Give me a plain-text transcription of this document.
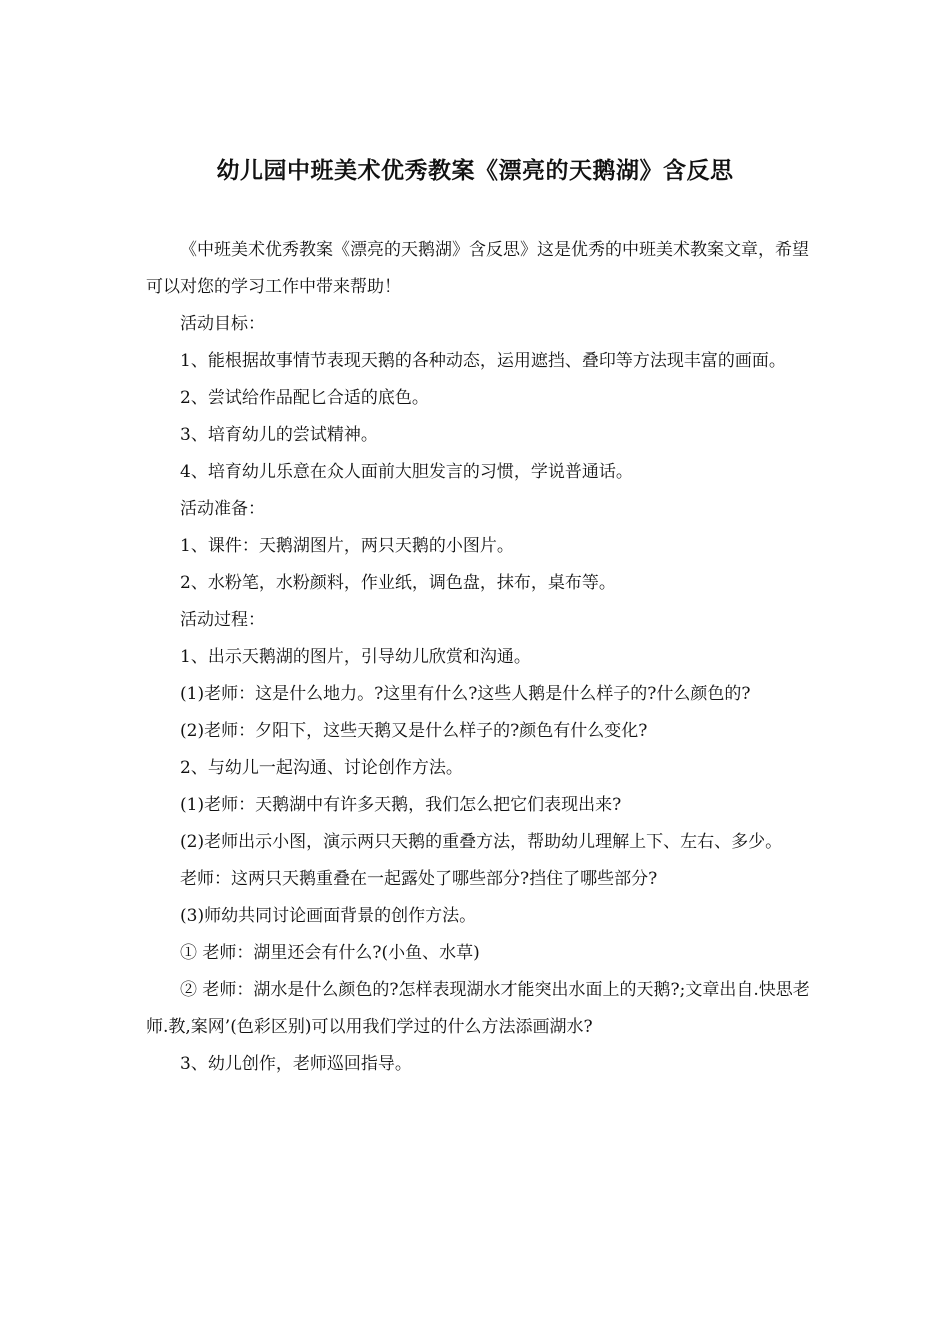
幼儿园中班美术优秀教案《漂亮的天鹅湖》含反思

《中班美术优秀教案《漂亮的天鹅湖》含反思》这是优秀的中班美术教案文章，希望可以对您的学习工作中带来帮助！

活动目标：

1、能根据故事情节表现天鹅的各种动态，运用遮挡、叠印等方法现丰富的画面。

2、尝试给作品配匕合适的底色。

3、培育幼儿的尝试精神。

4、培育幼儿乐意在众人面前大胆发言的习惯，学说普通话。

活动准备：

1、课件：天鹅湖图片，两只天鹅的小图片。

2、水粉笔，水粉颜料，作业纸，调色盘，抹布，桌布等。

活动过程：

1、出示天鹅湖的图片，引导幼儿欣赏和沟通。

(1)老师：这是什么地力。?这里有什么?这些人鹅是什么样子的?什么颜色的?

(2)老师：夕阳下，这些天鹅又是什么样子的?颜色有什么变化?

2、与幼儿一起沟通、讨论创作方法。

(1)老师：天鹅湖中有许多天鹅，我们怎么把它们表现出来?

(2)老师出示小图，演示两只天鹅的重叠方法，帮助幼儿理解上下、左右、多少。

老师：这两只天鹅重叠在一起露处了哪些部分?挡住了哪些部分?

(3)师幼共同讨论画面背景的创作方法。

① 老师：湖里还会有什么?(小鱼、水草)

② 老师：湖水是什么颜色的?怎样表现湖水才能突出水面上的天鹅?;文章出自.快思老师.教,案网’(色彩区别)可以用我们学过的什么方法添画湖水?

3、幼儿创作，老师巡回指导。
